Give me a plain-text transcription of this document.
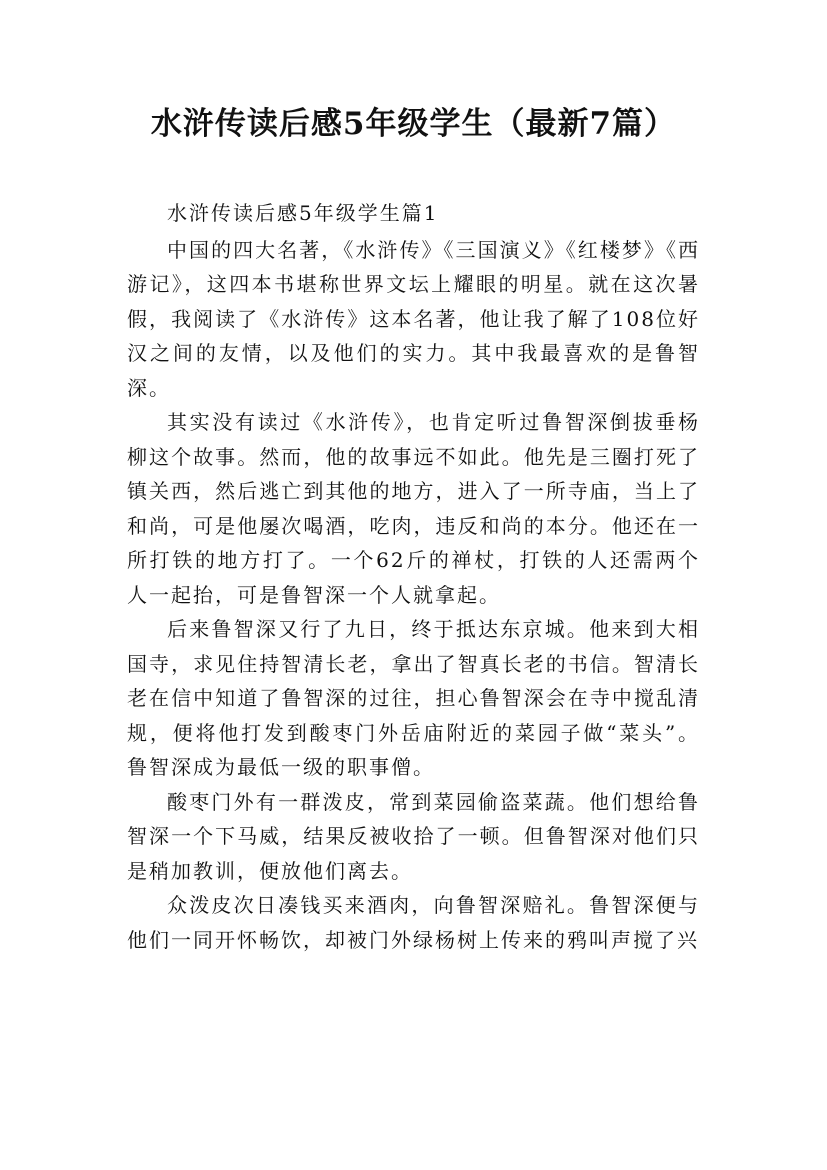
水浒传读后感5年级学生（最新7篇）

水浒传读后感5年级学生篇1

中国的四大名著，《水浒传》《三国演义》《红楼梦》《西游记》，这四本书堪称世界文坛上耀眼的明星。就在这次暑假，我阅读了《水浒传》这本名著，他让我了解了108位好汉之间的友情，以及他们的实力。其中我最喜欢的是鲁智深。

其实没有读过《水浒传》，也肯定听过鲁智深倒拔垂杨柳这个故事。然而，他的故事远不如此。他先是三圈打死了镇关西，然后逃亡到其他的地方，进入了一所寺庙，当上了和尚，可是他屡次喝酒，吃肉，违反和尚的本分。他还在一所打铁的地方打了。一个62斤的禅杖，打铁的人还需两个人一起抬，可是鲁智深一个人就拿起。

后来鲁智深又行了九日，终于抵达东京城。他来到大相国寺，求见住持智清长老，拿出了智真长老的书信。智清长老在信中知道了鲁智深的过往，担心鲁智深会在寺中搅乱清规，便将他打发到酸枣门外岳庙附近的菜园子做“菜头”。鲁智深成为最低一级的职事僧。

酸枣门外有一群泼皮，常到菜园偷盗菜蔬。他们想给鲁智深一个下马威，结果反被收拾了一顿。但鲁智深对他们只是稍加教训，便放他们离去。

众泼皮次日凑钱买来酒肉，向鲁智深赔礼。鲁智深便与他们一同开怀畅饮，却被门外绿杨树上传来的鸦叫声搅了兴
